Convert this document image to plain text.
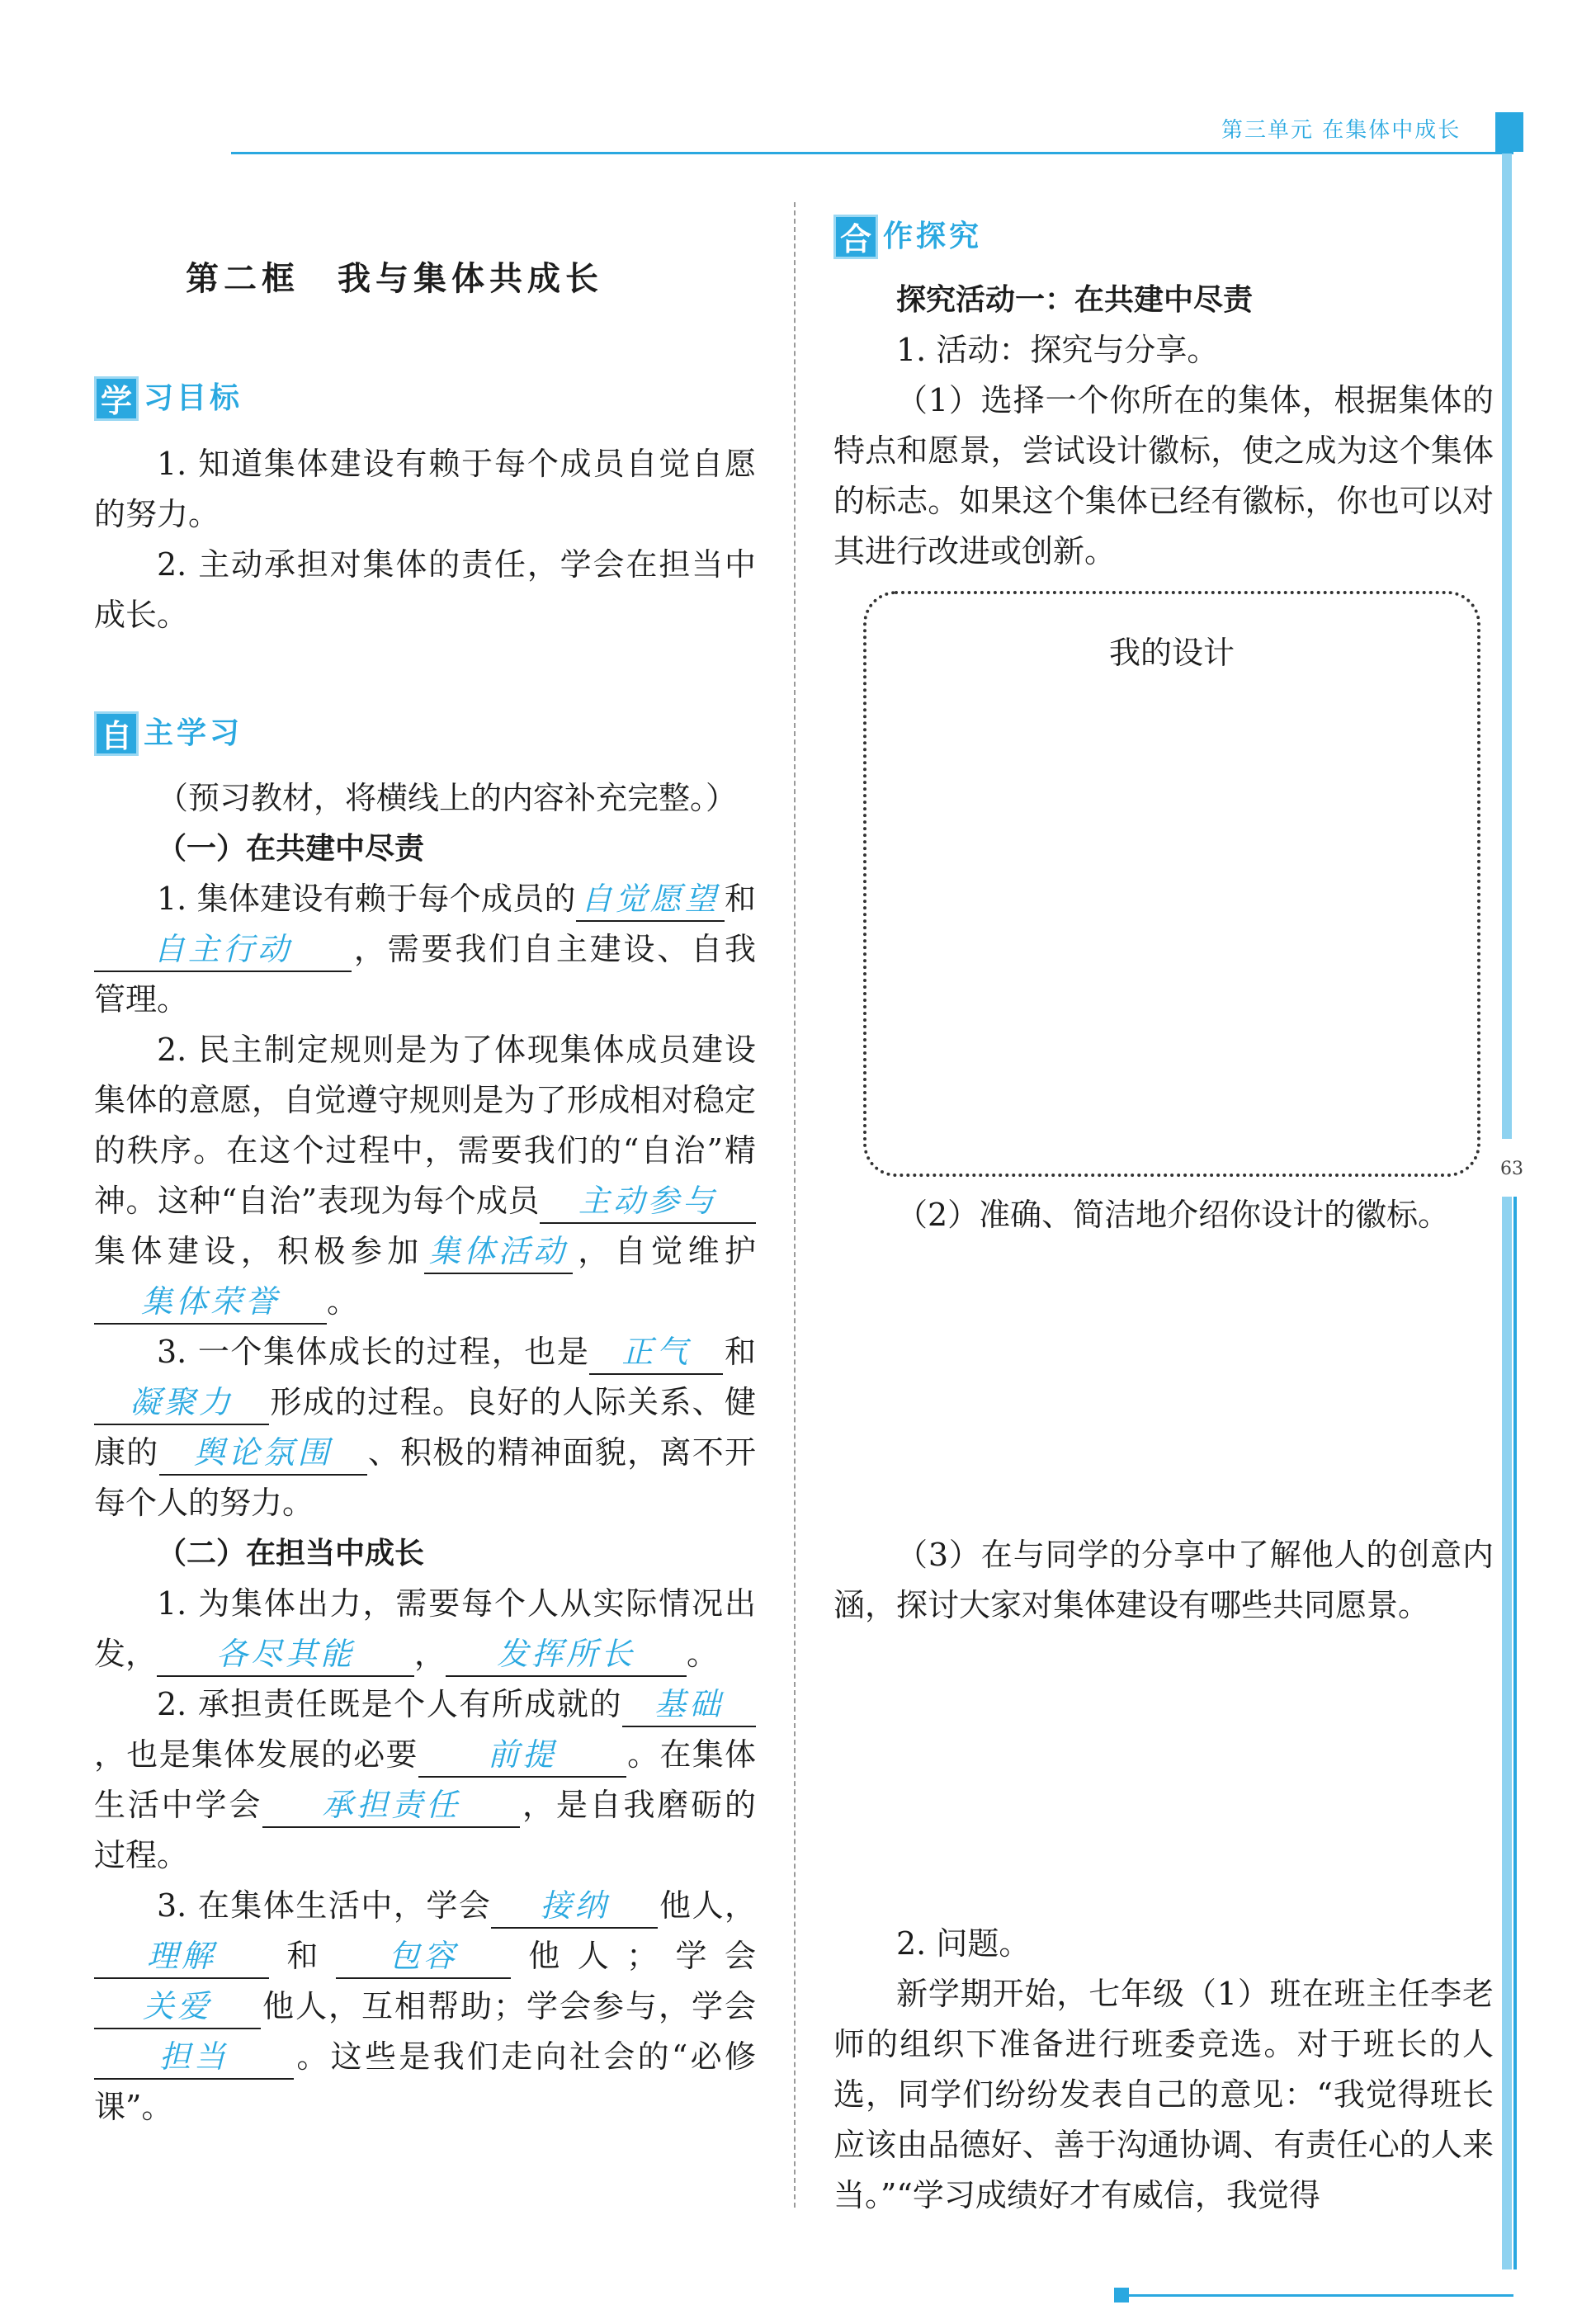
第三单元 在集体中成长
63
第二框　我与集体共成长
学 习目标

1. 知道集体建设有赖于每个成员自觉自愿的努力。

2. 主动承担对集体的责任，学会在担当中成长。

自 主学习

（预习教材，将横线上的内容补充完整。）

（一）在共建中尽责

1. 集体建设有赖于每个成员的 自觉愿望 和自主行动 ，需要我们自主建设、自我管理。

2. 民主制定规则是为了体现集体成员建设集体的意愿，自觉遵守规则是为了形成相对稳定的秩序。在这个过程中，需要我们的“自治”精神。这种“自治”表现为每个成员 主动参与集体建设，积极参加 集体活动 ，自觉维护集体荣誉 。

3. 一个集体成长的过程，也是 正气 和凝聚力 形成的过程。良好的人际关系、健康的 舆论氛围 、积极的精神面貌，离不开每个人的努力。

（二）在担当中成长

1. 为集体出力，需要每个人从实际情况出发， 各尽其能 ， 发挥所长 。

2. 承担责任既是个人有所成就的 基础，也是集体发展的必要 前提 。在集体生活中学会 承担责任 ，是自我磨砺的过程。

3. 在集体生活中，学会 接纳 他人，理解 和 包容 他人；学会关爱 他人，互相帮助；学会参与，学会担当 。这些是我们走向社会的“必修课”。

合 作探究

探究活动一：在共建中尽责

1. 活动：探究与分享。

（1）选择一个你所在的集体，根据集体的特点和愿景，尝试设计徽标，使之成为这个集体的标志。如果这个集体已经有徽标，你也可以对其进行改进或创新。

（2）准确、简洁地介绍你设计的徽标。

（3）在与同学的分享中了解他人的创意内涵，探讨大家对集体建设有哪些共同愿景。

2. 问题。

新学期开始，七年级（1）班在班主任李老师的组织下准备进行班委竞选。对于班长的人选，同学们纷纷发表自己的意见：“我觉得班长应该由品德好、善于沟通协调、有责任心的人来当。”“学习成绩好才有威信，我觉得

我的设计
